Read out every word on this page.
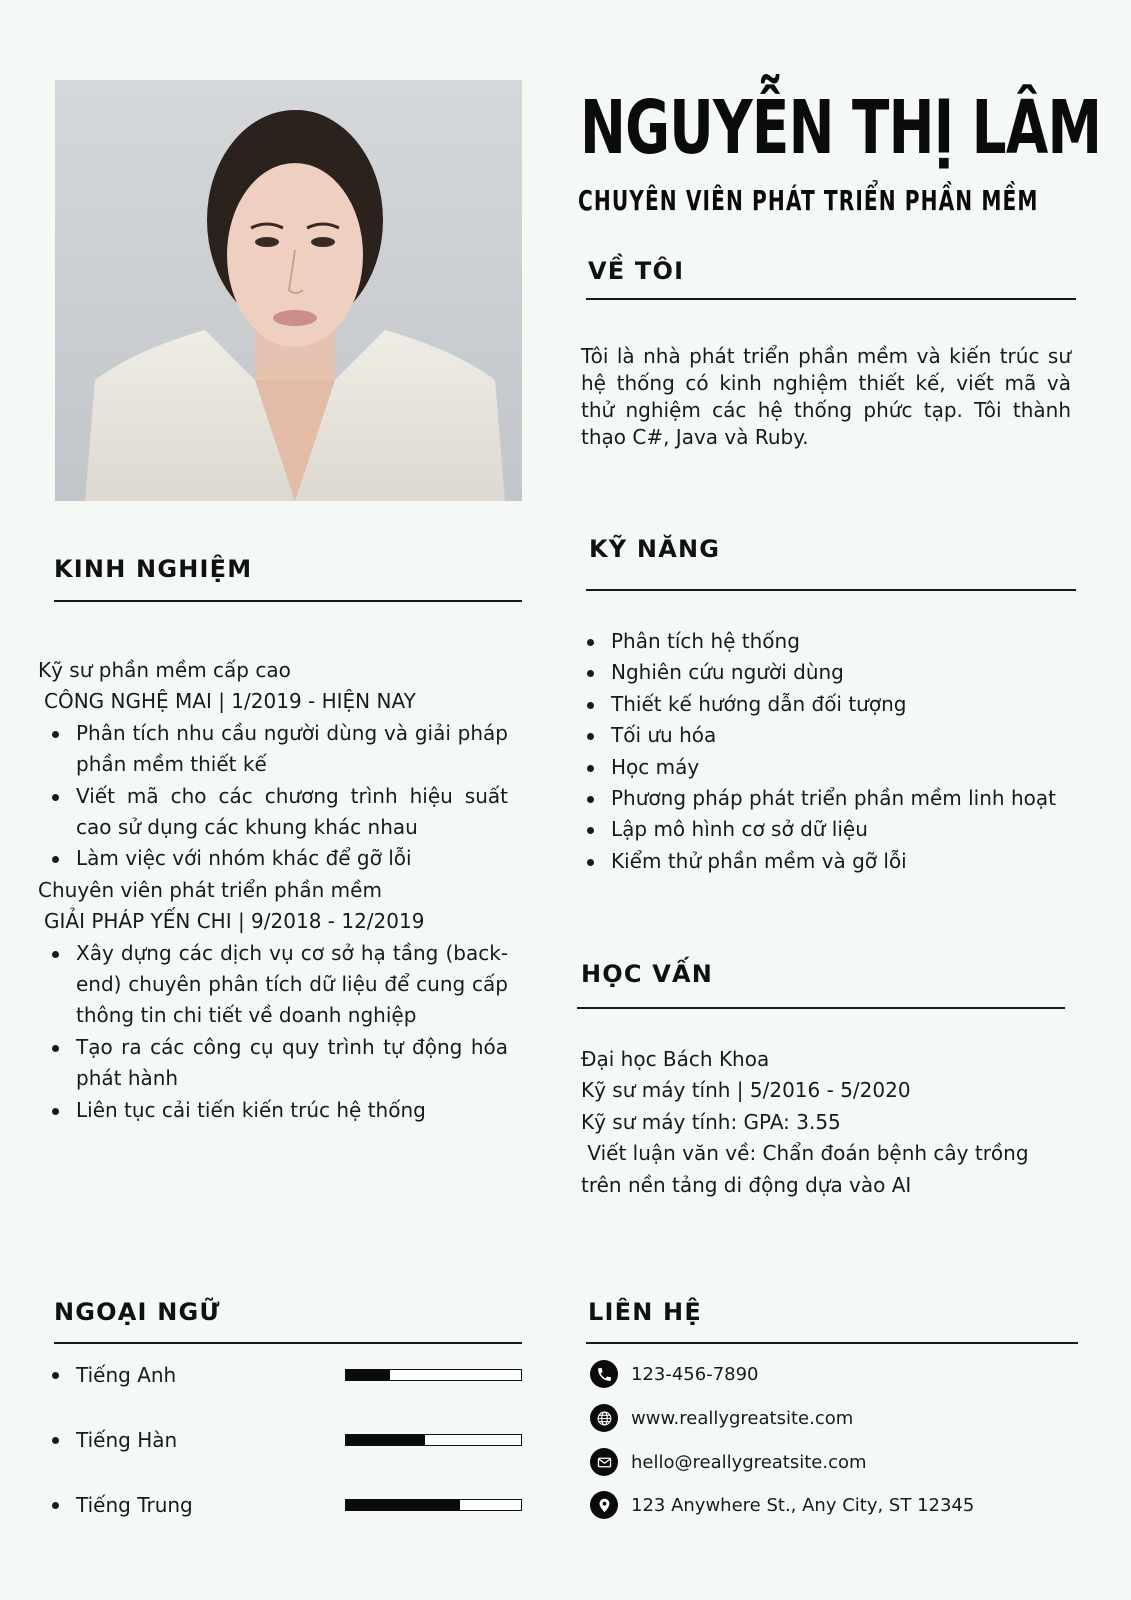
NGUYỄN THỊ LÂM
CHUYÊN VIÊN PHÁT TRIỂN PHẦN MỀM
VỀ TÔI
Tôi là nhà phát triển phần mềm và kiến trúc sư hệ thống có kinh nghiệm thiết kế, viết mã và thử nghiệm các hệ thống phức tạp. Tôi thành thạo C#, Java và Ruby.
KINH NGHIỆM
Kỹ sư phần mềm cấp cao
CÔNG NGHỆ MAI | 1/2019 - HIỆN NAY
Phân tích nhu cầu người dùng và giải pháp phần mềm thiết kế
Viết mã cho các chương trình hiệu suất cao sử dụng các khung khác nhau
Làm việc với nhóm khác để gỡ lỗi
Chuyên viên phát triển phần mềm
GIẢI PHÁP YẾN CHI | 9/2018 - 12/2019
Xây dựng các dịch vụ cơ sở hạ tầng (back-end) chuyên phân tích dữ liệu để cung cấp thông tin chi tiết về doanh nghiệp
Tạo ra các công cụ quy trình tự động hóa phát hành
Liên tục cải tiến kiến trúc hệ thống
KỸ NĂNG
Phân tích hệ thống
Nghiên cứu người dùng
Thiết kế hướng dẫn đối tượng
Tối ưu hóa
Học máy
Phương pháp phát triển phần mềm linh hoạt
Lập mô hình cơ sở dữ liệu
Kiểm thử phần mềm và gỡ lỗi
HỌC VẤN
Đại học Bách Khoa
Kỹ sư máy tính | 5/2016 - 5/2020
Kỹ sư máy tính: GPA: 3.55
Viết luận văn về: Chẩn đoán bệnh cây trồng
trên nền tảng di động dựa vào AI
NGOẠI NGỮ
Tiếng Anh
Tiếng Hàn
Tiếng Trung
LIÊN HỆ
123-456-7890
www.reallygreatsite.com
hello@reallygreatsite.com
123 Anywhere St., Any City, ST 12345
